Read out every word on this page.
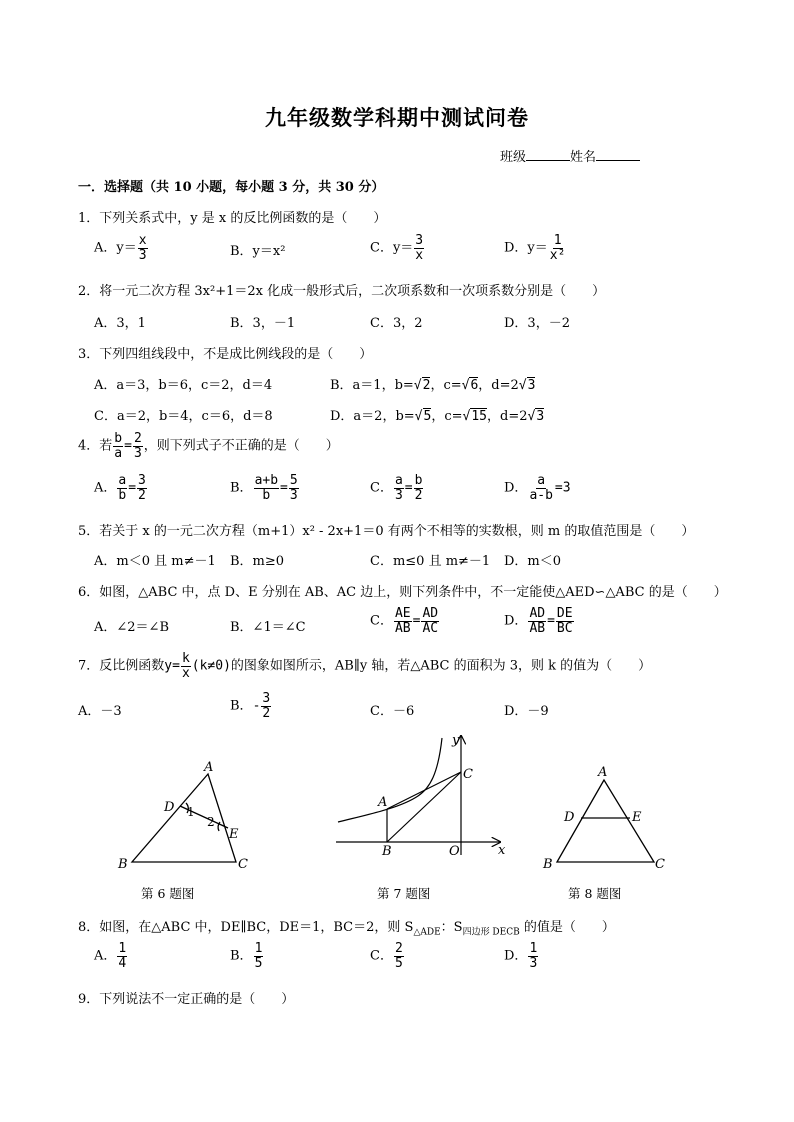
九年级数学科期中测试问卷
班级	姓名
一．选择题（共 10 小题，每小题 3 分，共 30 分）
1．下列关系式中，y 是 x 的反比例函数的是（　　）
A．$y= \frac{x}{3}$	B．y＝x²	C．$y= \frac{3}{x}$	D．$y= \frac{1}{\text{x²}}$
2．将一元二次方程 3x²+1＝2x 化成一般形式后，二次项系数和一次项系数分别是（　　）
A．3，1	B．3，－1	C．3，2	D．3，－2
3．下列四组线段中，不是成比例线段的是（　　）
A．a＝3，b＝6，c＝2，d＝4	B．a＝1，b=√2，c=√6，d=2√3
C．a＝2，b＝4，c＝6，d＝8	D．a＝2，b=√5，c=√15，d=2√3
4．若 $\frac{b}{a} = \frac{2}{3}$ ，则下列式子不正确的是（　　）
A． $\frac{a}{b} = \frac{3}{2}$	B． $\frac{a+b}{b} = \frac{5}{3}$	C． $\frac{a}{3} = \frac{b}{2}$	D． $\frac{a}{a-b} =3$
5．若关于 x 的一元二次方程（m+1）x² - 2x+1＝0 有两个不相等的实数根，则 m 的取值范围是（　　）
A．m＜0 且 m≠－1 B．m≥0	C．m≤0 且 m≠－1 D．m＜0
6．如图，△ABC 中，点 D、E 分别在 AB、AC 边上，则下列条件中，不一定能使△AED∽△ABC 的是（　　）
A．∠2＝∠B	B．∠1＝∠C	C． $\frac{AE}{AB} = \frac{AD}{AC}$	D． $\frac{AD}{AB} = \frac{DE}{BC}$
7．反比例函数$y= \frac{k}{x} (k\ne 0)$的图象如图所示，AB∥y 轴，若△ABC 的面积为 3，则 k 的值为（　　）
A．－3	B．- $\frac{3}{2}$	C．－6	D．－9
A
B	C
D
E
1
2
第 6 题图
y
x
O
A
B
C
第 7 题图
A
B	C
D	E
第 8 题图
8．如图，在△ABC 中，DE∥BC，DE＝1，BC＝2，则 $S_{\triangle ADE}$：$S_{四边形 DECB}$ 的值是（　　）
A． $\frac{1}{4}$	B． $\frac{1}{5}$	C． $\frac{2}{5}$	D． $\frac{1}{3}$
9．下列说法不一定正确的是（　　）
